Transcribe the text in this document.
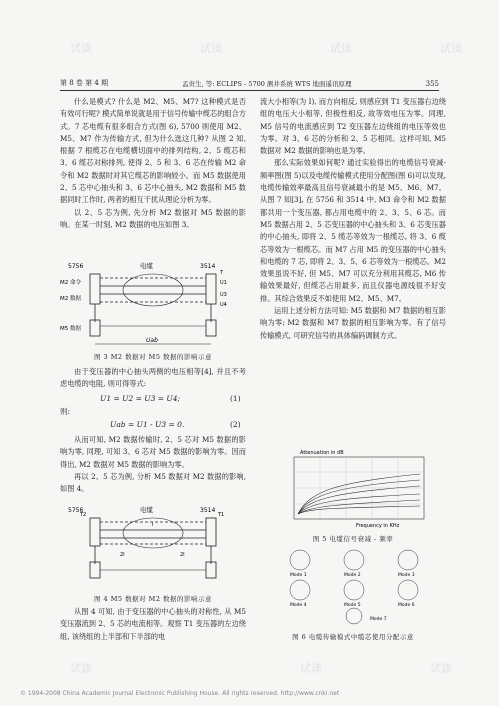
试读	试读	试读	试读
第 8 卷 第 4 期	孟贵生, 等: ECLIPS - 5700 测井系统 WTS 地面遥讯原理	355

什么是模式? 什么是 M2、M5、M7? 这种模式是否有效可行呢? 模式简单说就是用于信号传输中缆芯的组合方式。7 芯电缆有很多组合方式(图 6), 5700 则使用 M2、M5、M7 作为传输方式, 但为什么选这几种? 从图 2 知, 根据 7 根缆芯在电缆横切面中的排列结构, 2、5 缆芯和 3、6 缆芯对称排列, 使得 2、5 和 3、6 芯在传输 M2 命令和 M2 数据时对其它缆芯的影响较小。而 M5 数据使用 2、5 芯中心抽头和 3、6 芯中心抽头, M2 数据和 M5 数据同时工作时, 两者的相互干扰从理论分析为零。

以 2、5 芯为例, 先分析 M2 数据对 M5 数据的影响。在某一时刻, M2 数据的电压如图 3。

5756	电缆	3514
M2 命令
M2 数据
M5 数据
T
U1
U3
U4
Uab
图 3 M2 数据对 M5 数据的影响示意

由于变压器的中心抽头两侧的电压相等[4], 并且不考虑电缆的电阻, 则可得等式:

U1 = U2 = U3 = U4;	(1)
则:
Uab = U1 - U3 = 0.	(2)

从而可知, M2 数据传输时, 2、5 芯对 M5 数据的影响为零, 同理, 可知 3、6 芯对 M5 数据的影响为零。因而得出, M2 数据对 M5 数据的影响为零。

再以 2、5 芯为例, 分析 M5 数据对 M2 数据的影响, 如图 4。

5756	电缆	3514
T2	T1
2I
I
2I
图 4 M5 数据对 M2 数据的影响示意

从图 4 可知, 由于变压器的中心抽头的对称性, 从 M5 变压器流到 2、5 芯的电流相等。观察 T1 变压器的左边绕组, 该绕组的上半部和下半部的电

流大小相等(为 I), 而方向相反, 则感应到 T1 变压器右边绕组的电压大小相等, 但极性相反, 故等效电压为零。同理, M5 信号的电流感应到 T2 变压器左边绕组的电压等效也为零。对 3、6 芯的分析和 2、5 芯相同。这样可知, M5 数据对 M2 数据的影响也是为零。

那么实际效果如何呢? 通过实验得出的电缆信号衰减-频率图(图 5)以及电缆传输模式使用分配图(图 6)可以发现, 电缆传输效率最高且信号衰减最小的是 M5、M6、M7。从图 7 知[3], 在 5756 和 3514 中, M3 命令和 M2 数据都共用一个变压器, 都占用电缆中的 2、3、5、6 芯。而 M5 数据占用 2、5 芯变压器的中心抽头和 3、6 芯变压器的中心抽头, 即将 2、5 缆芯等效为一根缆芯, 将 3、6 缆芯等效为一根缆芯。而 M7 占用 M5 的变压器的中心抽头和电缆的 7 芯, 即将 2、3、5、6 芯等效为一根缆芯。M2 效果虽说不好, 但 M5、M7 可以充分利用其缆芯, M6 传输效果最好, 但缆芯占用最多, 而且仪器电源线很不好安排。其综合效果反不如使用 M2、M5、M7。

运用上述分析方法可知: M5 数据和 M7 数据的相互影响为零; M2 数据和 M7 数据的相互影响为零。有了信号传输模式, 可研究信号的具体编码调制方式。

Attenuation in dB
Frequency in KHz
图 5 电缆信号衰减 - 频率
Mode 1	Mode 2	Mode 3
Mode 4	Mode 5	Mode 6
Mode 7
图 6 电缆传输模式中缆芯使用分配示意
试读	试读	试读
© 1994-2008 China Academic Journal Electronic Publishing House. All rights reserved. http://www.cnki.net
